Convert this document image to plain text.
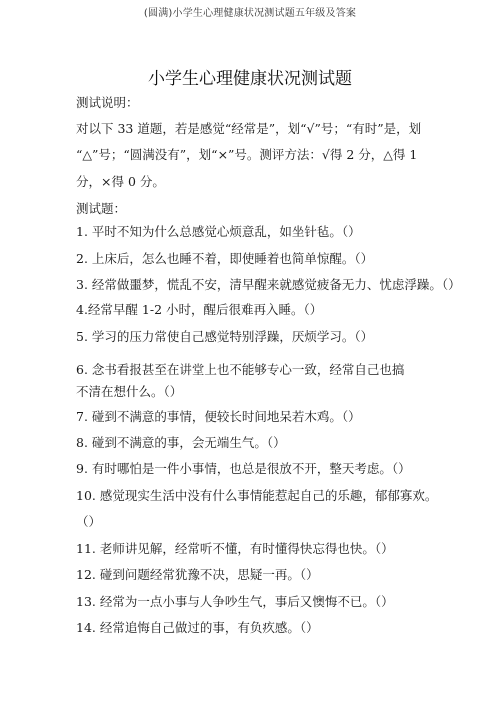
(圆满)小学生心理健康状况测试题五年级及答案
小学生心理健康状况测试题
测试说明：
对以下 33 道题，若是感觉“经常是”，划“√”号；“有时”是，划
“△”号；“圆满没有”，划“×”号。测评方法：√得 2 分，△得 1
分，×得 0 分。
测试题：
1. 平时不知为什么总感觉心烦意乱，如坐针毡。（）
2. 上床后，怎么也睡不着，即使睡着也简单惊醒。（）
3. 经常做噩梦，慌乱不安，清早醒来就感觉疲备无力、忧虑浮躁。（）
4.经常早醒 1-2 小时，醒后很难再入睡。（）
5. 学习的压力常使自己感觉特别浮躁，厌烦学习。（）
6. 念书看报甚至在讲堂上也不能够专心一致，经常自己也搞不清在想什么。（）
7. 碰到不满意的事情，便较长时间地呆若木鸡。（）
8. 碰到不满意的事，会无端生气。（）
9. 有时哪怕是一件小事情，也总是很放不开，整天考虑。（）
10. 感觉现实生活中没有什么事情能惹起自己的乐趣，郁郁寡欢。
（）
11. 老师讲见解，经常听不懂，有时懂得快忘得也快。（）
12. 碰到问题经常犹豫不决，思疑一再。（）
13. 经常为一点小事与人争吵生气，事后又懊悔不已。（）
14. 经常追悔自己做过的事，有负疚感。（）
